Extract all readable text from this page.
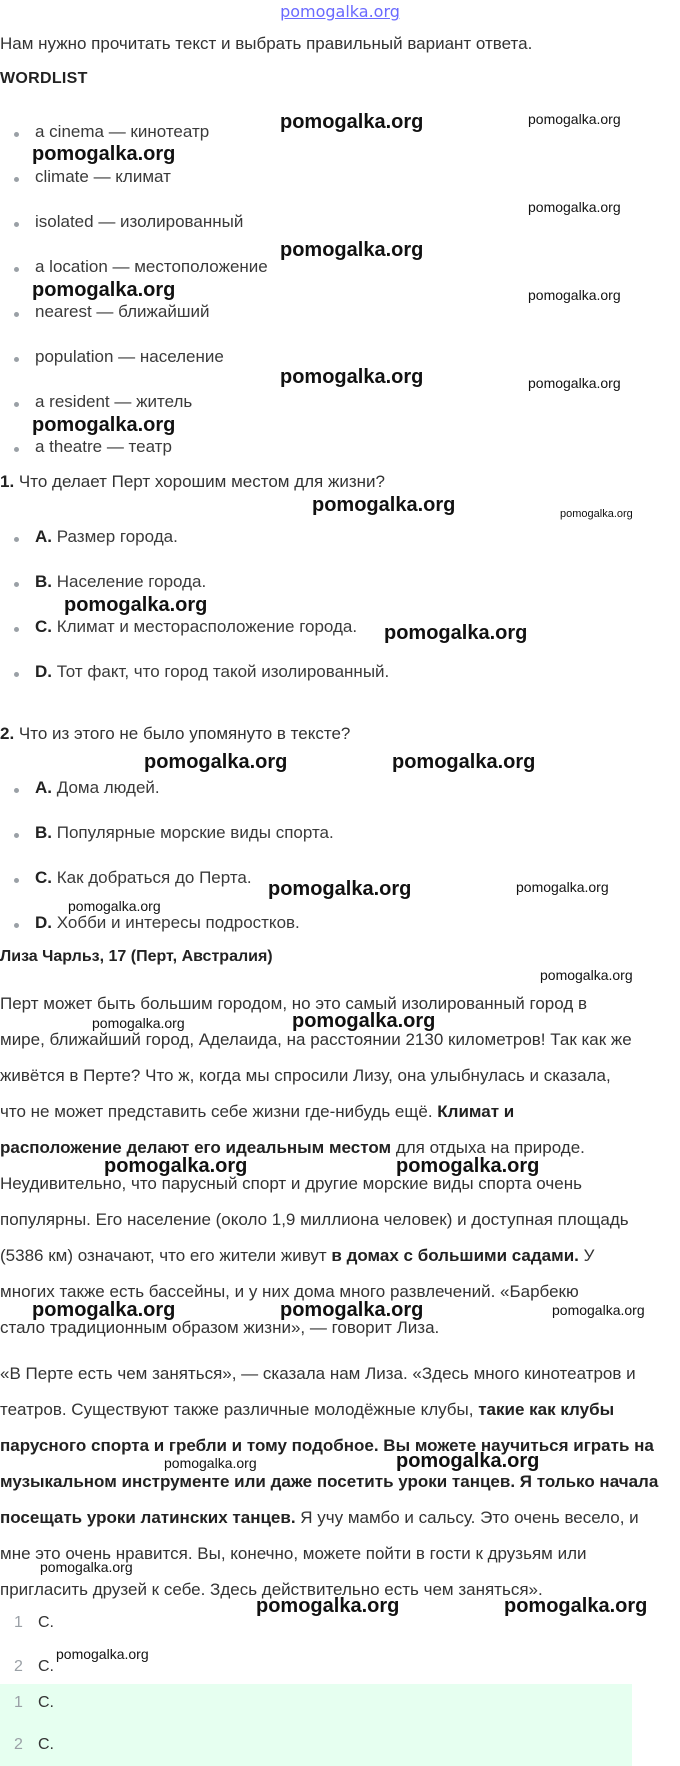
pomogalka.org
Нам нужно прочитать текст и выбрать правильный вариант ответа.
WORDLIST
a cinema — кинотеатр
climate — климат
isolated — изолированный
a location — местоположение
nearest — ближайший
population — население
a resident — житель
a theatre — театр
1. Что делает Перт хорошим местом для жизни?
A. Размер города.
B. Население города.
C. Климат и месторасположение города.
D. Тот факт, что город такой изолированный.
2. Что из этого не было упомянуто в тексте?
A. Дома людей.
B. Популярные морские виды спорта.
C. Как добраться до Перта.
D. Хобби и интересы подростков.
Лиза Чарльз, 17 (Перт, Австралия)
Перт может быть большим городом, но это самый изолированный город в
мире, ближайший город, Аделаида, на расстоянии 2130 километров! Так как же
живётся в Перте? Что ж, когда мы спросили Лизу, она улыбнулась и сказала,
что не может представить себе жизни где-нибудь ещё. Климат и
расположение делают его идеальным местом для отдыха на природе.
Неудивительно, что парусный спорт и другие морские виды спорта очень
популярны. Его население (около 1,9 миллиона человек) и доступная площадь
(5386 км) означают, что его жители живут в домах с большими садами. У
многих также есть бассейны, и у них дома много развлечений. «Барбекю
стало традиционным образом жизни», — говорит Лиза.
«В Перте есть чем заняться», — сказала нам Лиза. «Здесь много кинотеатров и
театров. Существуют также различные молодёжные клубы, такие как клубы
парусного спорта и гребли и тому подобное. Вы можете научиться играть на
музыкальном инструменте или даже посетить уроки танцев. Я только начала
посещать уроки латинских танцев. Я учу мамбо и сальсу. Это очень весело, и
мне это очень нравится. Вы, конечно, можете пойти в гости к друзьям или
пригласить друзей к себе. Здесь действительно есть чем заняться».
1 C.
2 C.
1 C.
2 C.
pomogalka.org	pomogalka.org
pomogalka.org
pomogalka.org
pomogalka.org
pomogalka.org	pomogalka.org
pomogalka.org	pomogalka.org
pomogalka.org
pomogalka.org	pomogalka.org
pomogalka.org
pomogalka.org
pomogalka.org	pomogalka.org
pomogalka.org	pomogalka.org
pomogalka.org
pomogalka.org
pomogalka.org	pomogalka.org
pomogalka.org	pomogalka.org
pomogalka.org	pomogalka.org	pomogalka.org
pomogalka.org	pomogalka.org
pomogalka.org
pomogalka.org	pomogalka.org
pomogalka.org
